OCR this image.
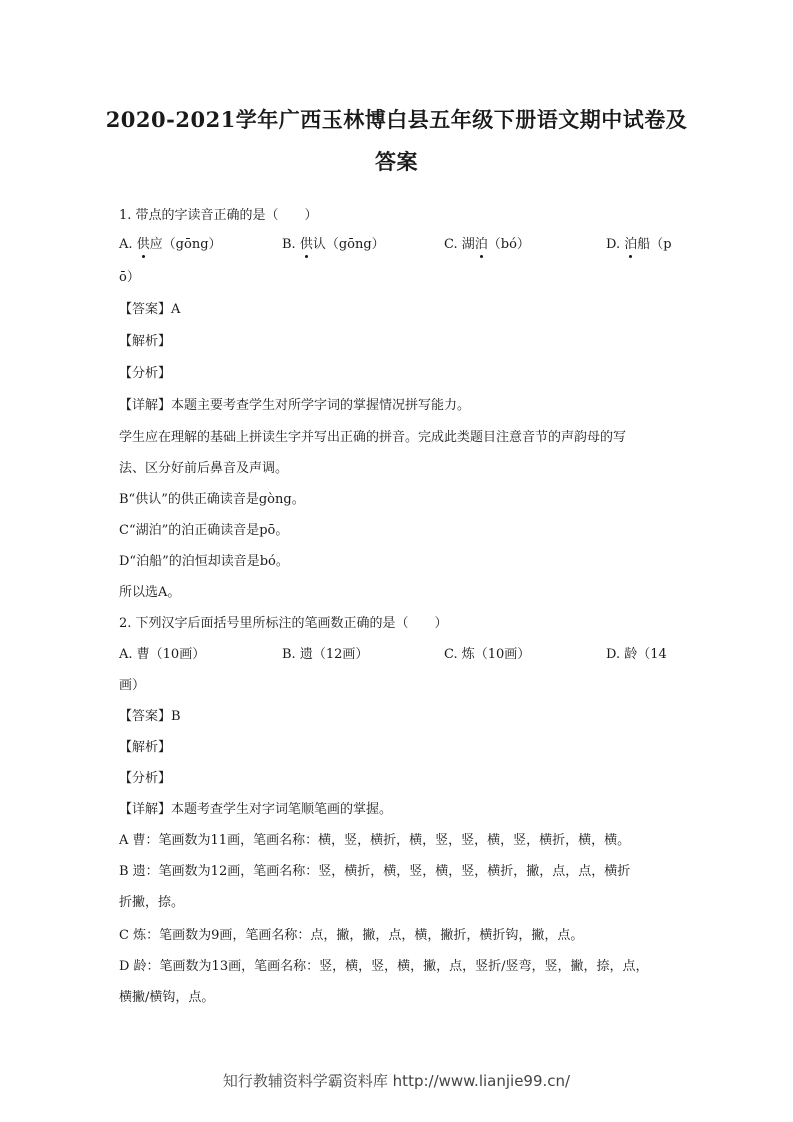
2020-2021学年广西玉林博白县五年级下册语文期中试卷及
答案
1. 带点的字读音正确的是（　　）
A. 供应（gōng）	B. 供认（gōng）	C. 湖泊（bó）	D. 泊船（p
ō）
【答案】A
【解析】
【分析】
【详解】本题主要考查学生对所学字词的掌握情况拼写能力。
学生应在理解的基础上拼读生字并写出正确的拼音。完成此类题目注意音节的声韵母的写
法、区分好前后鼻音及声调。
B“供认”的供正确读音是gòng。
C“湖泊”的泊正确读音是pō。
D“泊船”的泊恒却读音是bó。
所以选A。
2. 下列汉字后面括号里所标注的笔画数正确的是（　　）
A. 曹（10画）	B. 遗（12画）	C. 炼（10画）	D. 龄（14
画）
【答案】B
【解析】
【分析】
【详解】本题考查学生对字词笔顺笔画的掌握。
A 曹：笔画数为11画，笔画名称：横，竖，横折，横，竖，竖，横，竖，横折，横，横。
B 遗：笔画数为12画，笔画名称：竖，横折，横，竖，横，竖，横折，撇，点，点，横折
折撇，捺。
C 炼：笔画数为9画，笔画名称：点，撇，撇，点，横，撇折，横折钩，撇，点。
D 龄：笔画数为13画，笔画名称：竖，横，竖，横，撇，点，竖折/竖弯，竖，撇，捺，点，
横撇/横钩，点。
知行教辅资料学霸资料库 http://www.lianjie99.cn/
